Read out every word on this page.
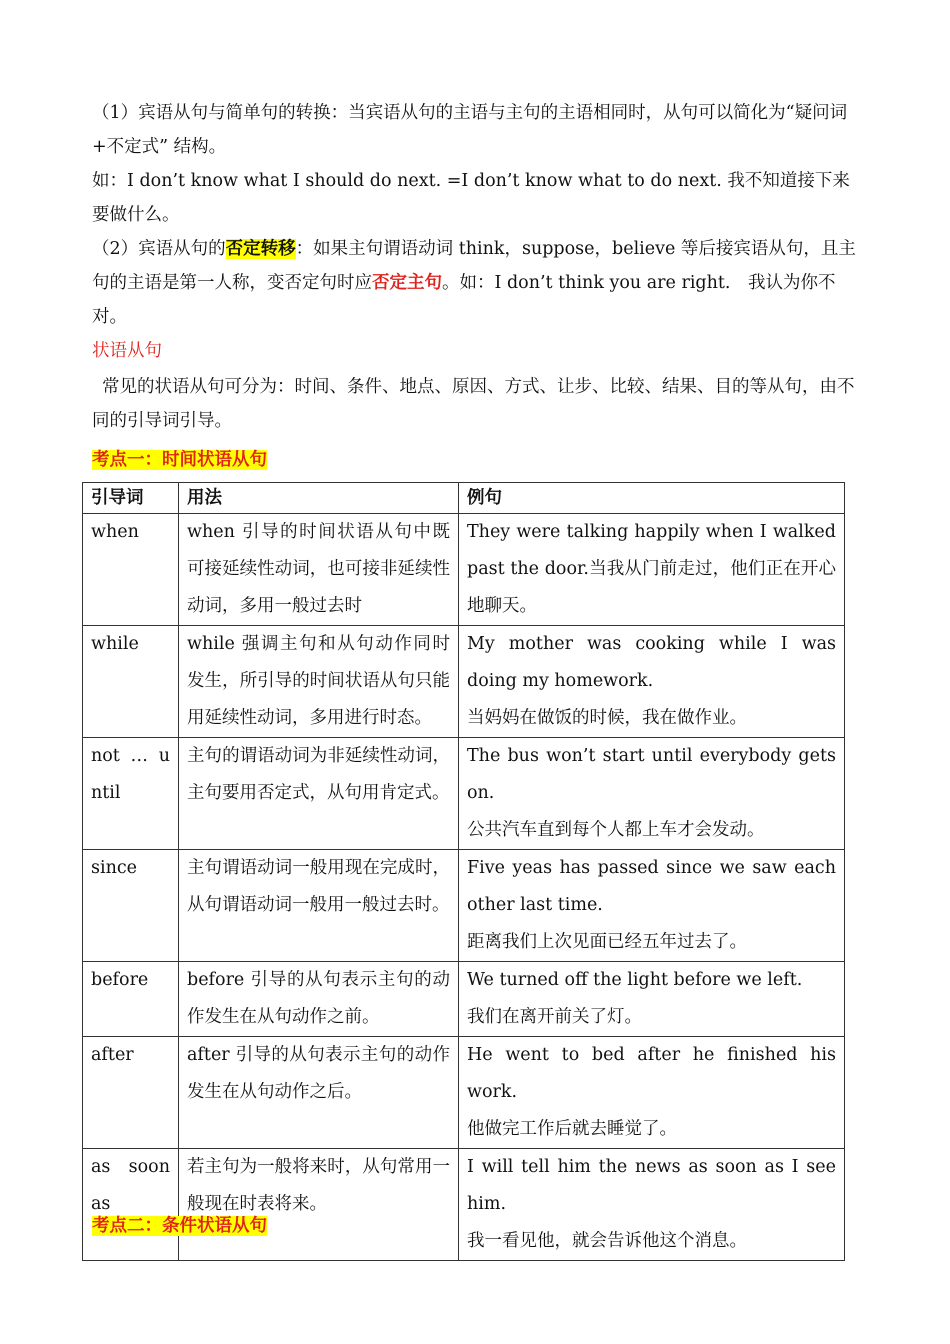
（1）宾语从句与简单句的转换：当宾语从句的主语与主句的主语相同时，从句可以简化为“疑问词+不定式” 结构。

如：I don’t know what I should do next. =I don’t know what to do next. 我不知道接下来要做什么。

（2）宾语从句的否定转移：如果主句谓语动词 think，suppose，believe 等后接宾语从句，且主句的主语是第一人称，变否定句时应否定主句。如：I don’t think you are right.　我认为你不对。

状语从句

常见的状语从句可分为：时间、条件、地点、原因、方式、让步、比较、结果、目的等从句，由不同的引导词引导。

考点一：时间状语从句
引导词	用法	例句
when	when 引导的时间状语从句中既可接延续性动词，也可接非延续性动词，多用一般过去时	They were talking happily when I walked past the door.当我从门前走过，他们正在开心地聊天。
while	while 强调主句和从句动作同时发生，所引导的时间状语从句只能用延续性动词，多用进行时态。	My mother was cooking while I was doing my homework.
当妈妈在做饭的时候，我在做作业。

not … until	主句的谓语动词为非延续性动词，主句要用否定式，从句用肯定式。	The bus won’t start until everybody gets on.
公共汽车直到每个人都上车才会发动。

since	主句谓语动词一般用现在完成时，从句谓语动词一般用一般过去时。	Five yeas has passed since we saw each other last time.
距离我们上次见面已经五年过去了。

before	before 引导的从句表示主句的动作发生在从句动作之前。	We turned off the light before we left.
我们在离开前关了灯。

after	after 引导的从句表示主句的动作发生在从句动作之后。	He went to bed after he finished his work.
他做完工作后就去睡觉了。

as soon as	若主句为一般将来时，从句常用一般现在时表将来。	I will tell him the news as soon as I see him.
我一看见他，就会告诉他这个消息。
考点二：条件状语从句
